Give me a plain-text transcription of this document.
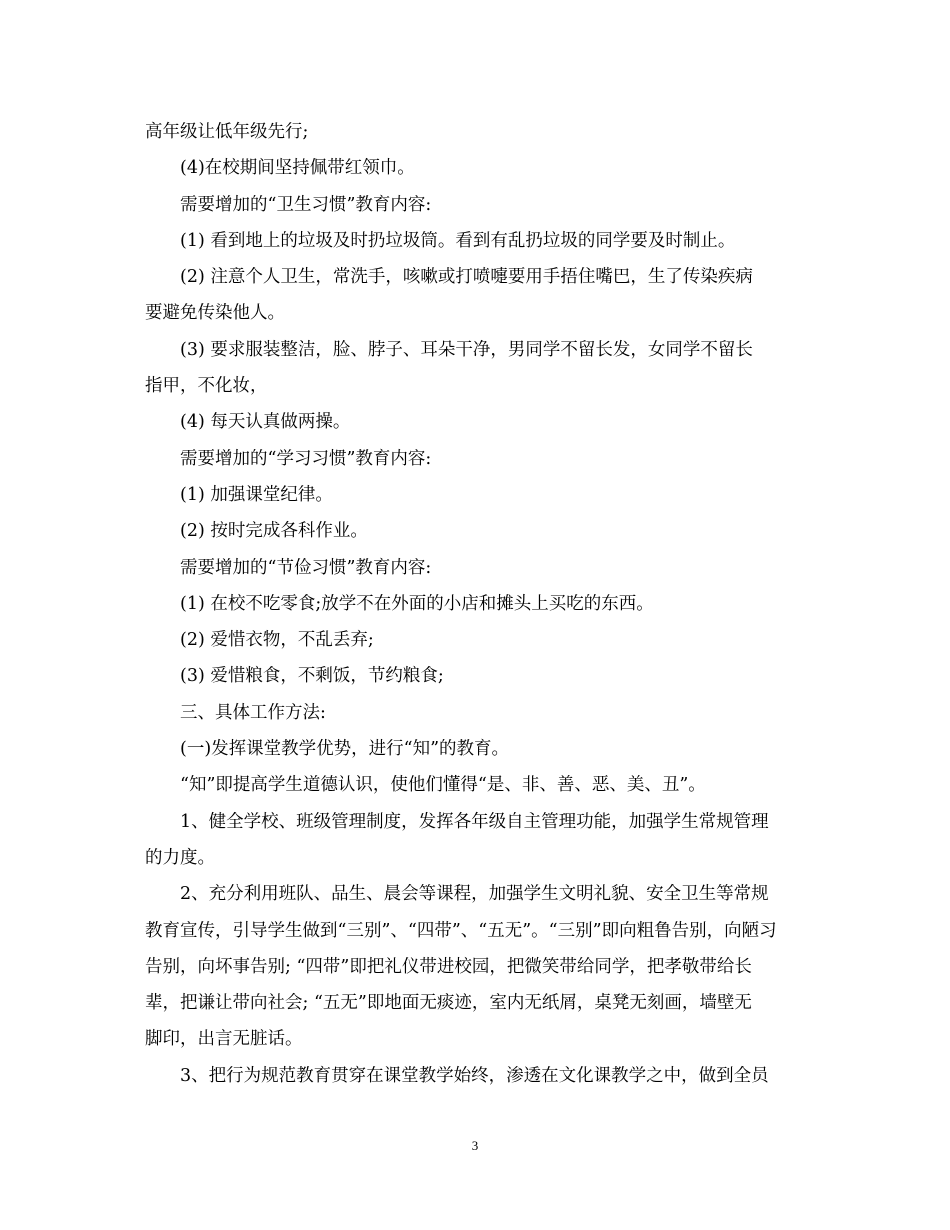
高年级让低年级先行;
(4)在校期间坚持佩带红领巾。
需要增加的“卫生习惯”教育内容:
(1) 看到地上的垃圾及时扔垃圾筒。看到有乱扔垃圾的同学要及时制止。
(2) 注意个人卫生，常洗手，咳嗽或打喷嚏要用手捂住嘴巴，生了传染疾病
要避免传染他人。
(3) 要求服装整洁，脸、脖子、耳朵干净，男同学不留长发，女同学不留长
指甲，不化妆，
(4) 每天认真做两操。
需要增加的“学习习惯”教育内容:
(1) 加强课堂纪律。
(2) 按时完成各科作业。
需要增加的“节俭习惯”教育内容:
(1) 在校不吃零食;放学不在外面的小店和摊头上买吃的东西。
(2) 爱惜衣物，不乱丢弃;
(3) 爱惜粮食，不剩饭，节约粮食;
三、具体工作方法:
(一)发挥课堂教学优势，进行“知”的教育。
“知”即提高学生道德认识，使他们懂得“是、非、善、恶、美、丑”。
1、健全学校、班级管理制度，发挥各年级自主管理功能，加强学生常规管理
的力度。
2、充分利用班队、品生、晨会等课程，加强学生文明礼貌、安全卫生等常规
教育宣传，引导学生做到“三别”、“四带”、“五无”。“三别”即向粗鲁告别，向陋习
告别，向坏事告别; “四带”即把礼仪带进校园，把微笑带给同学，把孝敬带给长
辈，把谦让带向社会; “五无”即地面无痰迹，室内无纸屑，桌凳无刻画，墙壁无
脚印，出言无脏话。
3、把行为规范教育贯穿在课堂教学始终，渗透在文化课教学之中，做到全员
3
